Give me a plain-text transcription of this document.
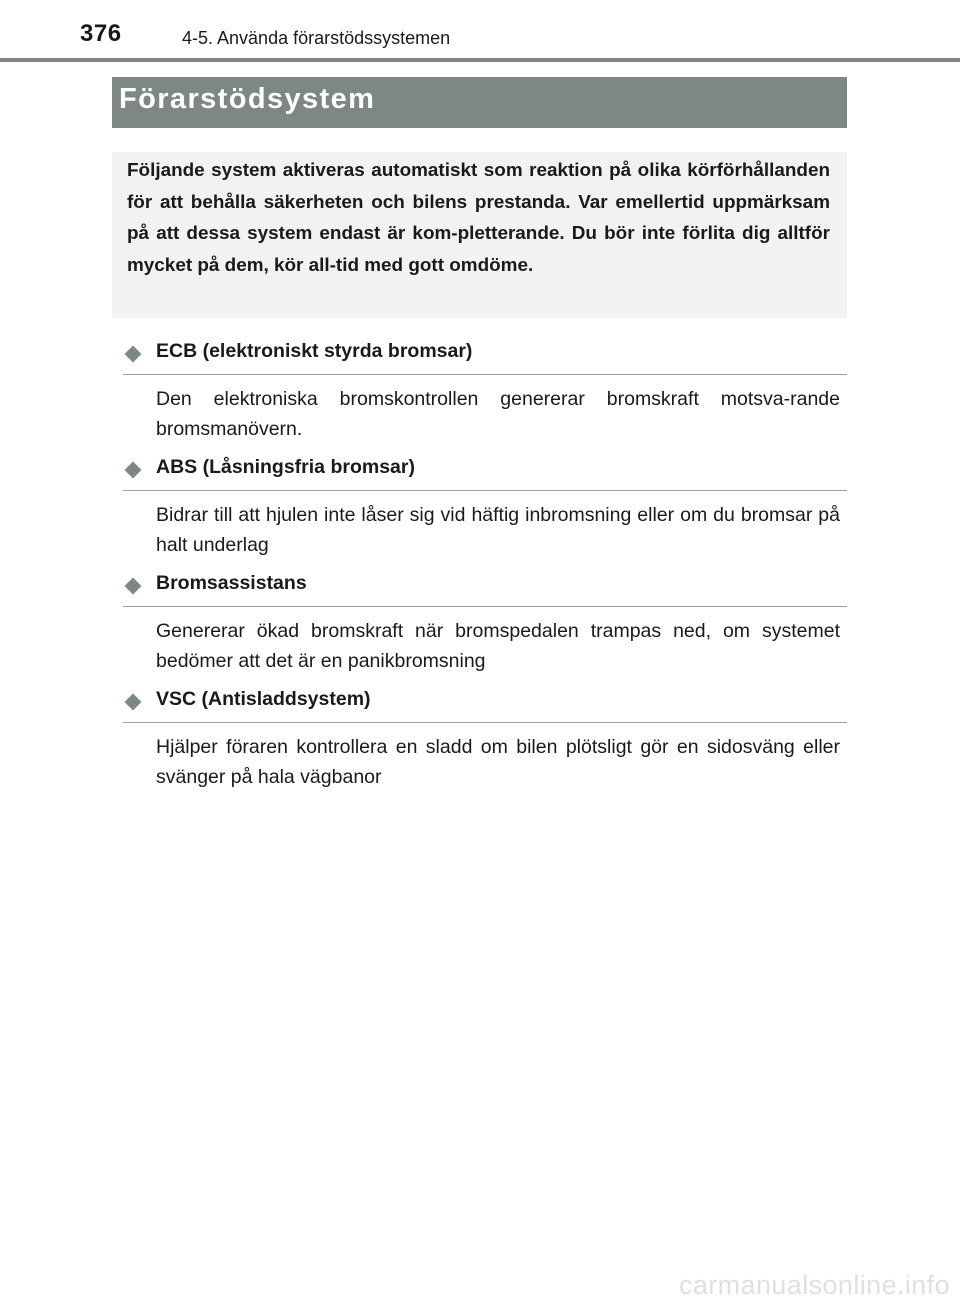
376	4-5. Använda förarstödssystemen
Förarstödsystem
Följande system aktiveras automatiskt som reaktion på olika körförhållanden för att behålla säkerheten och bilens prestanda. Var emellertid uppmärksam på att dessa system endast är kom-pletterande. Du bör inte förlita dig alltför mycket på dem, kör all-tid med gott omdöme.
ECB (elektroniskt styrda bromsar)
Den elektroniska bromskontrollen genererar bromskraft motsva-rande bromsmanövern.
ABS (Låsningsfria bromsar)
Bidrar till att hjulen inte låser sig vid häftig inbromsning eller om du bromsar på halt underlag
Bromsassistans
Genererar ökad bromskraft när bromspedalen trampas ned, om systemet bedömer att det är en panikbromsning
VSC (Antisladdsystem)
Hjälper föraren kontrollera en sladd om bilen plötsligt gör en sidosväng eller svänger på hala vägbanor
carmanualsonline.info
